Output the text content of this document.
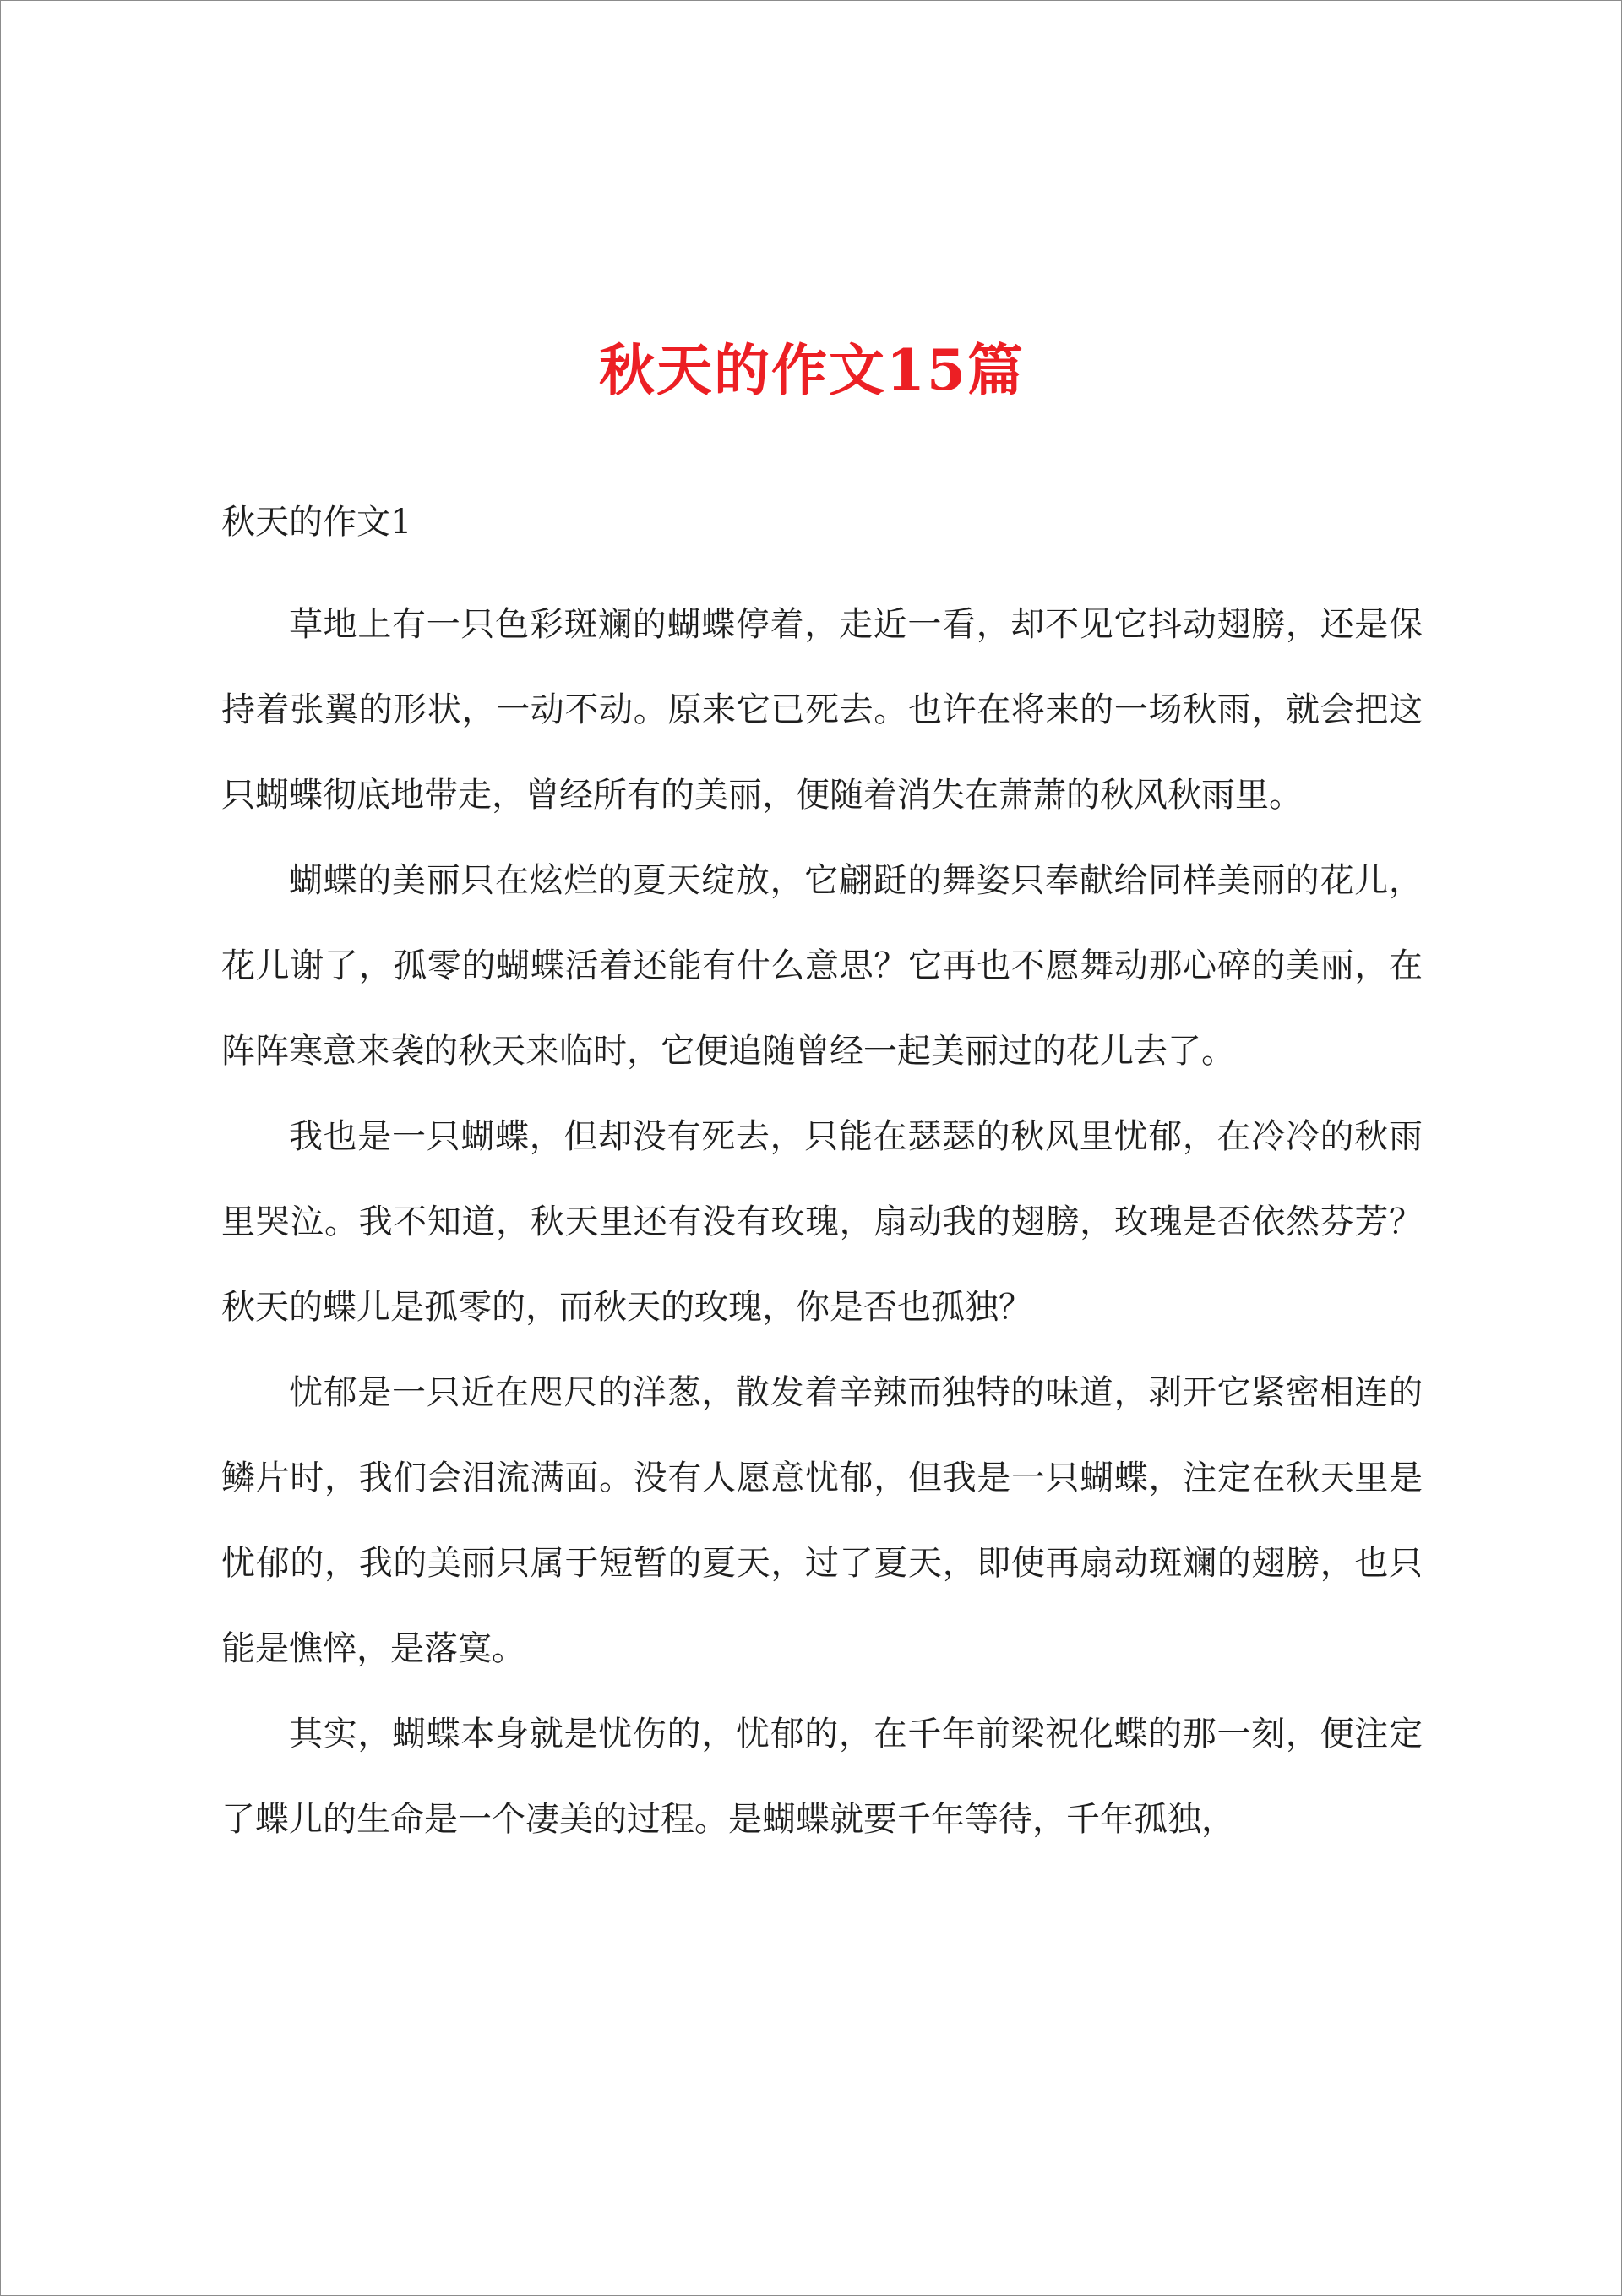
秋天的作文15篇
秋天的作文1

草地上有一只色彩斑斓的蝴蝶停着，走近一看，却不见它抖动翅膀，还是保持着张翼的形状，一动不动。原来它已死去。也许在将来的一场秋雨，就会把这只蝴蝶彻底地带走，曾经所有的美丽，便随着消失在萧萧的秋风秋雨里。

蝴蝶的美丽只在炫烂的夏天绽放，它翩跹的舞姿只奉献给同样美丽的花儿，花儿谢了，孤零的蝴蝶活着还能有什么意思？它再也不愿舞动那心碎的美丽，在阵阵寒意来袭的秋天来临时，它便追随曾经一起美丽过的花儿去了。

我也是一只蝴蝶，但却没有死去，只能在瑟瑟的秋风里忧郁，在冷冷的秋雨里哭泣。我不知道，秋天里还有没有玫瑰，扇动我的翅膀，玫瑰是否依然芬芳？秋天的蝶儿是孤零的，而秋天的玫瑰，你是否也孤独？

忧郁是一只近在咫尺的洋葱，散发着辛辣而独特的味道，剥开它紧密相连的鳞片时，我们会泪流满面。没有人愿意忧郁，但我是一只蝴蝶，注定在秋天里是忧郁的，我的美丽只属于短暂的夏天，过了夏天，即使再扇动斑斓的翅膀，也只能是憔悴，是落寞。

其实，蝴蝶本身就是忧伤的，忧郁的，在千年前梁祝化蝶的那一刻，便注定了蝶儿的生命是一个凄美的过程。是蝴蝶就要千年等待，千年孤独，
